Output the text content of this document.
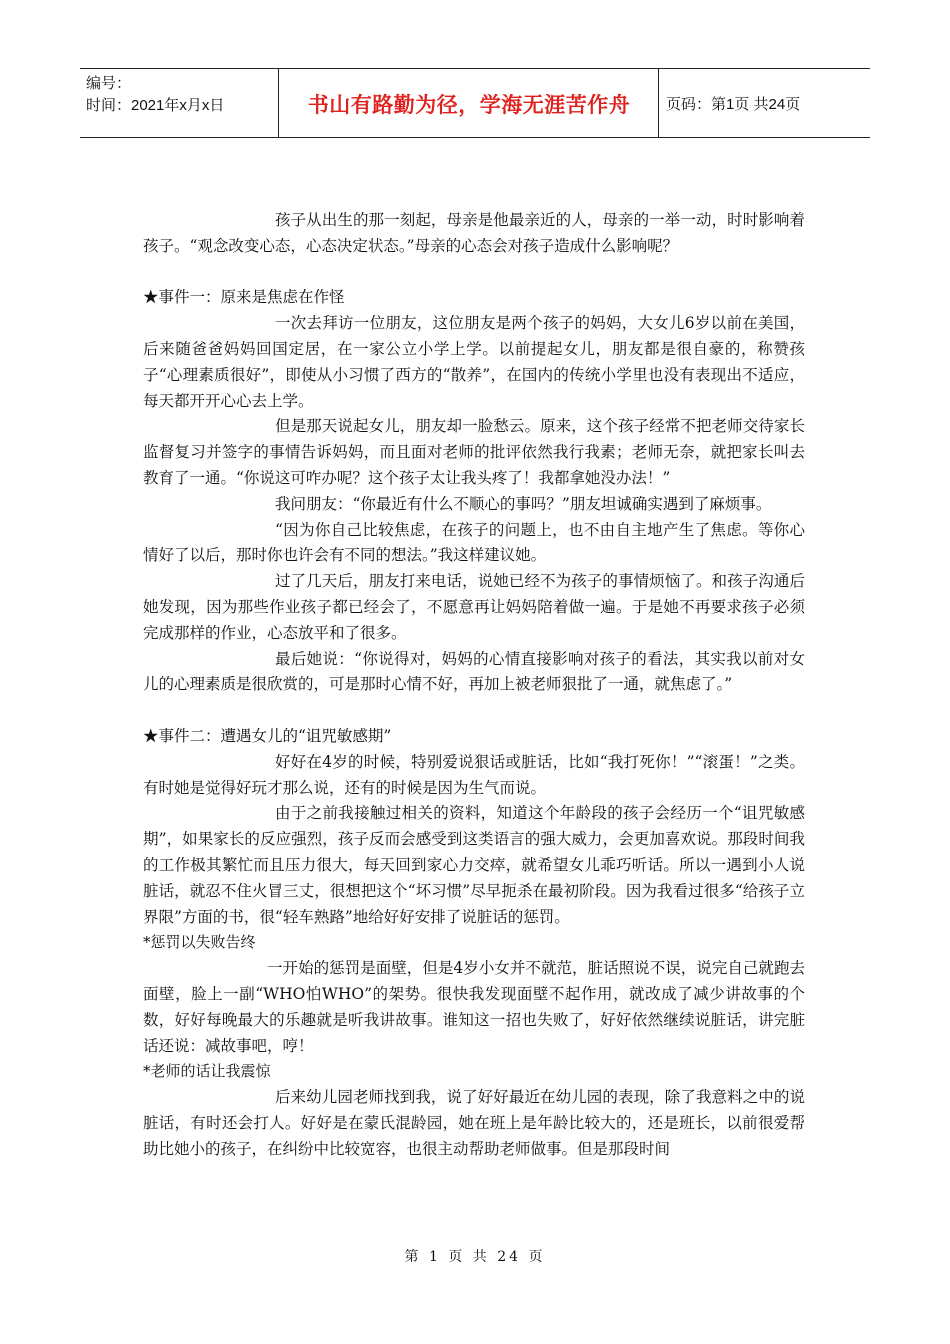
编号：
时间：2021年x月x日	书山有路勤为径，学海无涯苦作舟	页码：第1页 共24页

孩子从出生的那一刻起，母亲是他最亲近的人，母亲的一举一动，时时影响着孩子。“观念改变心态，心态决定状态。”母亲的心态会对孩子造成什么影响呢？

★事件一：原来是焦虑在作怪

一次去拜访一位朋友，这位朋友是两个孩子的妈妈，大女儿6岁以前在美国，后来随爸爸妈妈回国定居，在一家公立小学上学。以前提起女儿，朋友都是很自豪的，称赞孩子“心理素质很好”，即使从小习惯了西方的“散养”，在国内的传统小学里也没有表现出不适应，每天都开开心心去上学。

但是那天说起女儿，朋友却一脸愁云。原来，这个孩子经常不把老师交待家长监督复习并签字的事情告诉妈妈，而且面对老师的批评依然我行我素；老师无奈，就把家长叫去教育了一通。“你说这可咋办呢？这个孩子太让我头疼了！我都拿她没办法！”

我问朋友：“你最近有什么不顺心的事吗？”朋友坦诚确实遇到了麻烦事。

“因为你自己比较焦虑，在孩子的问题上，也不由自主地产生了焦虑。等你心情好了以后，那时你也许会有不同的想法。”我这样建议她。

过了几天后，朋友打来电话，说她已经不为孩子的事情烦恼了。和孩子沟通后她发现，因为那些作业孩子都已经会了，不愿意再让妈妈陪着做一遍。于是她不再要求孩子必须完成那样的作业，心态放平和了很多。

最后她说：“你说得对，妈妈的心情直接影响对孩子的看法，其实我以前对女儿的心理素质是很欣赏的，可是那时心情不好，再加上被老师狠批了一通，就焦虑了。”

★事件二：遭遇女儿的“诅咒敏感期”

好好在4岁的时候，特别爱说狠话或脏话，比如“我打死你！”“滚蛋！”之类。有时她是觉得好玩才那么说，还有的时候是因为生气而说。

由于之前我接触过相关的资料，知道这个年龄段的孩子会经历一个“诅咒敏感期”，如果家长的反应强烈，孩子反而会感受到这类语言的强大威力，会更加喜欢说。那段时间我的工作极其繁忙而且压力很大，每天回到家心力交瘁，就希望女儿乖巧听话。所以一遇到小人说脏话，就忍不住火冒三丈，很想把这个“坏习惯”尽早扼杀在最初阶段。因为我看过很多“给孩子立界限”方面的书，很“轻车熟路”地给好好安排了说脏话的惩罚。

*惩罚以失败告终

一开始的惩罚是面壁，但是4岁小女并不就范，脏话照说不误，说完自己就跑去面壁，脸上一副“WHO怕WHO”的架势。很快我发现面壁不起作用，就改成了减少讲故事的个数，好好每晚最大的乐趣就是听我讲故事。谁知这一招也失败了，好好依然继续说脏话，讲完脏话还说：减故事吧，哼！

*老师的话让我震惊

后来幼儿园老师找到我，说了好好最近在幼儿园的表现，除了我意料之中的说脏话，有时还会打人。好好是在蒙氏混龄园，她在班上是年龄比较大的，还是班长，以前很爱帮助比她小的孩子，在纠纷中比较宽容，也很主动帮助老师做事。但是那段时间

第 1 页 共 24 页
